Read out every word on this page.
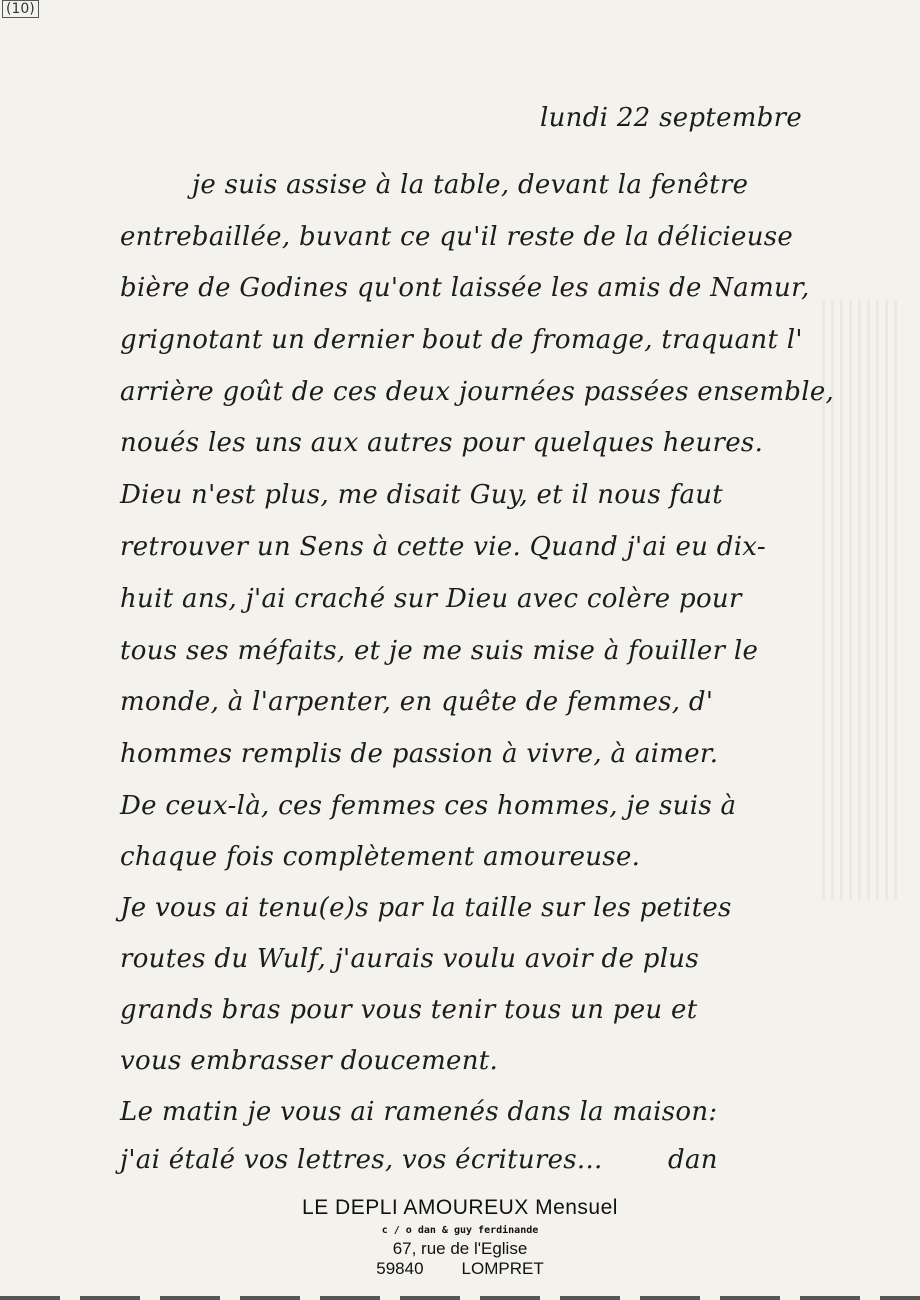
(10)
lundi 22 septembre
je suis assise à la table, devant la fenêtre
entrebaillée, buvant ce qu'il reste de la délicieuse
bière de Godines qu'ont laissée les amis de Namur,
grignotant un dernier bout de fromage, traquant l'
arrière goût de ces deux journées passées ensemble,
noués les uns aux autres pour quelques heures.
Dieu n'est plus, me disait Guy, et il nous faut
retrouver un Sens à cette vie. Quand j'ai eu dix-
huit ans, j'ai craché sur Dieu avec colère pour
tous ses méfaits, et je me suis mise à fouiller le
monde, à l'arpenter, en quête de femmes, d'
hommes remplis de passion à vivre, à aimer.
De ceux-là, ces femmes ces hommes, je suis à
chaque fois complètement amoureuse.
Je vous ai tenu(e)s par la taille sur les petites
routes du Wulf, j'aurais voulu avoir de plus
grands bras pour vous tenir tous un peu et
vous embrasser doucement.
Le matin je vous ai ramenés dans la maison:
j'ai étalé vos lettres, vos écritures...	dan
LE DEPLI AMOUREUX Mensuel
c / o dan & guy ferdinande
67, rue de l'Eglise
59840 LOMPRET
